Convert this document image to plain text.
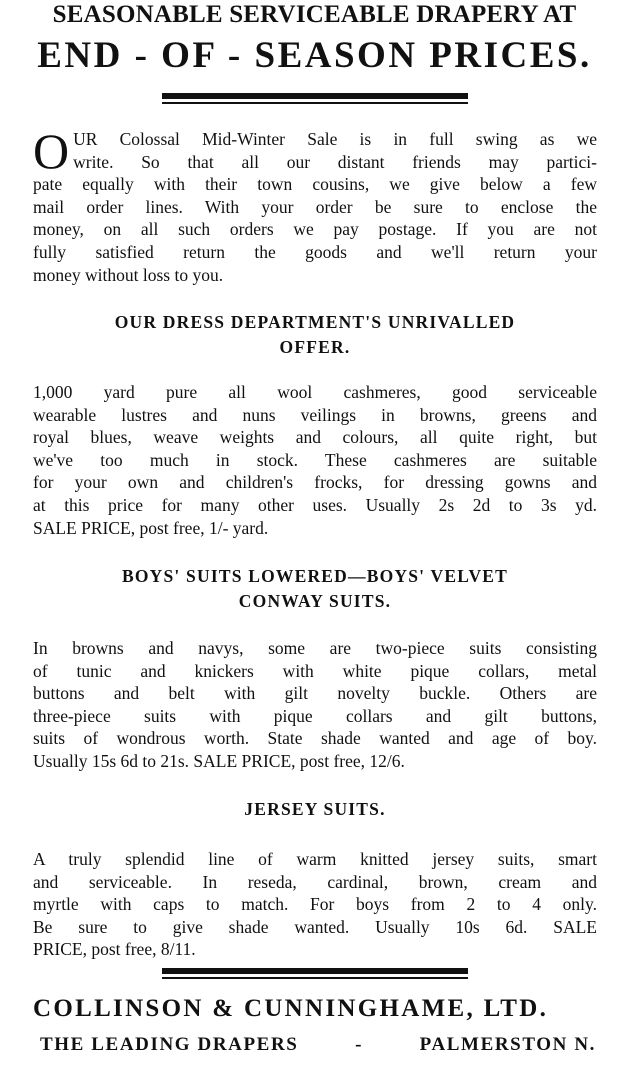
SEASONABLE SERVICEABLE DRAPERY AT
END - OF - SEASON PRICES.
O UR Colossal Mid-Winter Sale is in full swing as we
write. So that all our distant friends may partici-
pate equally with their town cousins, we give below a few
mail order lines. With your order be sure to enclose the
money, on all such orders we pay postage. If you are not
fully satisfied return the goods and we'll return your
money without loss to you.
OUR DRESS DEPARTMENT'S UNRIVALLED
OFFER.
1,000 yard pure all wool cashmeres, good serviceable
wearable lustres and nuns veilings in browns, greens and
royal blues, weave weights and colours, all quite right, but
we've too much in stock. These cashmeres are suitable
for your own and children's frocks, for dressing gowns and
at this price for many other uses. Usually 2s 2d to 3s yd.
SALE PRICE, post free, 1/- yard.
BOYS' SUITS LOWERED—BOYS' VELVET
CONWAY SUITS.
In browns and navys, some are two-piece suits consisting
of tunic and knickers with white pique collars, metal
buttons and belt with gilt novelty buckle. Others are
three-piece suits with pique collars and gilt buttons,
suits of wondrous worth. State shade wanted and age of boy.
Usually 15s 6d to 21s. SALE PRICE, post free, 12/6.
JERSEY SUITS.
A truly splendid line of warm knitted jersey suits, smart
and serviceable. In reseda, cardinal, brown, cream and
myrtle with caps to match. For boys from 2 to 4 only.
Be sure to give shade wanted. Usually 10s 6d. SALE
PRICE, post free, 8/11.
COLLINSON & CUNNINGHAME, LTD.
THE LEADING DRAPERS	-	PALMERSTON N.
